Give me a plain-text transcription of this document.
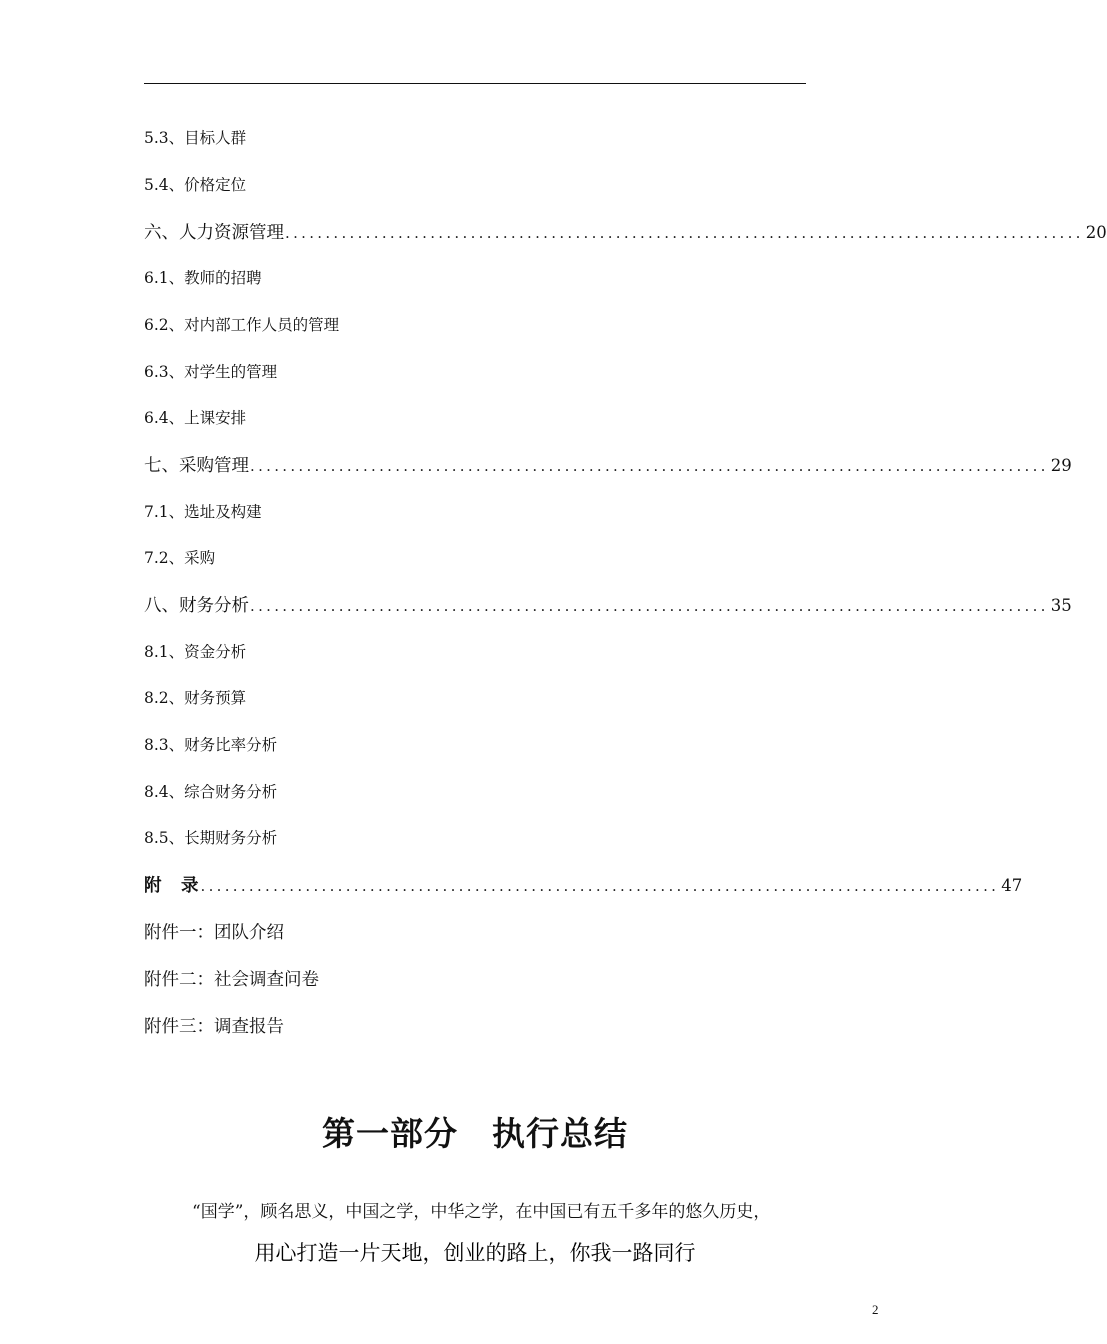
5.3、目标人群
5.4、价格定位
六、人力资源管理 ................................................................................................... 20
6.1、教师的招聘
6.2、对内部工作人员的管理
6.3、对学生的管理
6.4、上课安排
七、采购管理 ................................................................................................... 29
7.1、选址及构建
7.2、采购
八、财务分析 ................................................................................................... 35
8.1、资金分析
8.2、财务预算
8.3、财务比率分析
8.4、综合财务分析
8.5、长期财务分析
附　录 ................................................................................................... 47
附件一：团队介绍
附件二：社会调查问卷
附件三：调查报告
第一部分　执行总结
“国学”，顾名思义，中国之学，中华之学，在中国已有五千多年的悠久历史，
用心打造一片天地，创业的路上，你我一路同行
2
